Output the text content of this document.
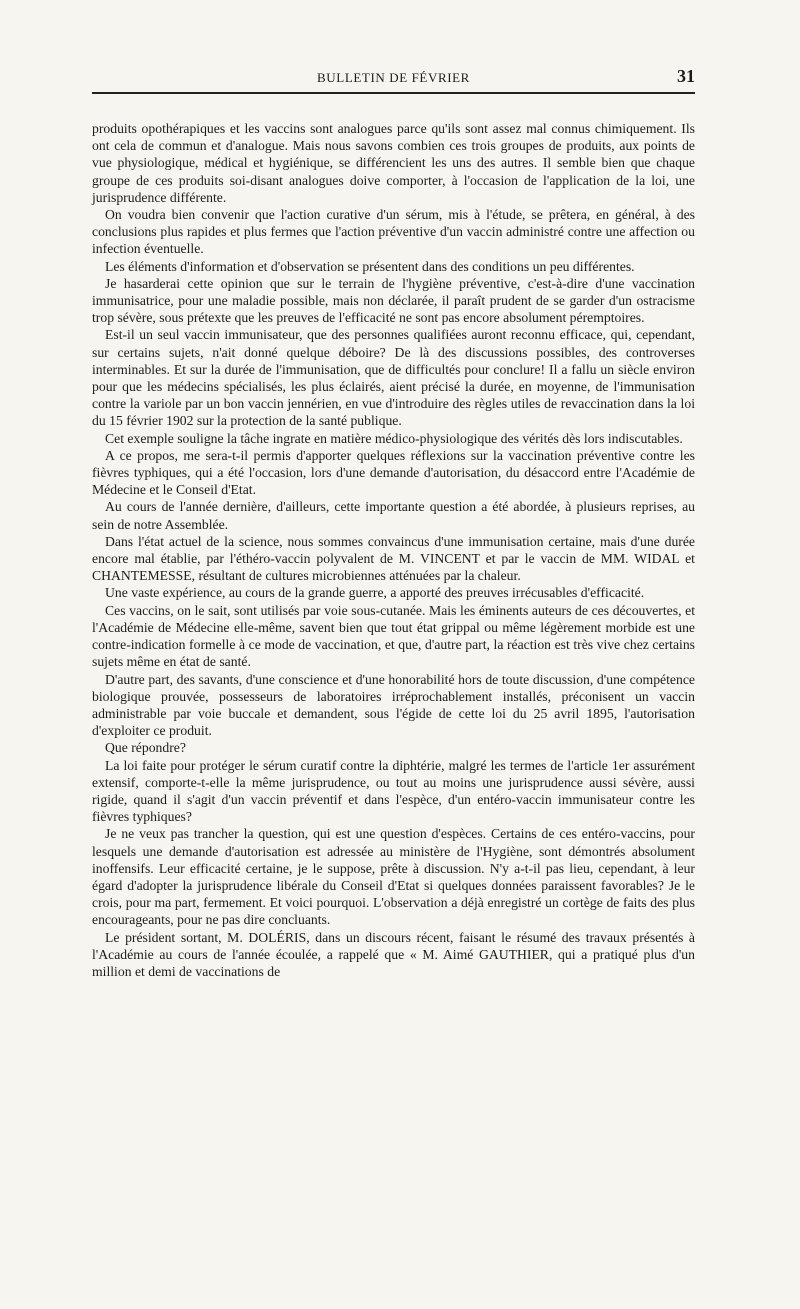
BULLETIN DE FÉVRIER	31

produits opothérapiques et les vaccins sont analogues parce qu'ils sont assez mal connus chimiquement. Ils ont cela de commun et d'analogue. Mais nous savons combien ces trois groupes de produits, aux points de vue physiologique, médical et hygiénique, se différencient les uns des autres. Il semble bien que chaque groupe de ces produits soi-disant analogues doive comporter, à l'occasion de l'application de la loi, une jurisprudence différente.

On voudra bien convenir que l'action curative d'un sérum, mis à l'étude, se prêtera, en général, à des conclusions plus rapides et plus fermes que l'action préventive d'un vaccin administré contre une affection ou infection éventuelle.

Les éléments d'information et d'observation se présentent dans des conditions un peu différentes.

Je hasarderai cette opinion que sur le terrain de l'hygiène préventive, c'est-à-dire d'une vaccination immunisatrice, pour une maladie possible, mais non déclarée, il paraît prudent de se garder d'un ostracisme trop sévère, sous prétexte que les preuves de l'efficacité ne sont pas encore absolument péremptoires.

Est-il un seul vaccin immunisateur, que des personnes qualifiées auront reconnu efficace, qui, cependant, sur certains sujets, n'ait donné quelque déboire? De là des discussions possibles, des controverses interminables. Et sur la durée de l'immunisation, que de difficultés pour conclure! Il a fallu un siècle environ pour que les médecins spécialisés, les plus éclairés, aient précisé la durée, en moyenne, de l'immunisation contre la variole par un bon vaccin jennérien, en vue d'introduire des règles utiles de revaccination dans la loi du 15 février 1902 sur la protection de la santé publique.

Cet exemple souligne la tâche ingrate en matière médico-physiologique des vérités dès lors indiscutables.

A ce propos, me sera-t-il permis d'apporter quelques réflexions sur la vaccination préventive contre les fièvres typhiques, qui a été l'occasion, lors d'une demande d'autorisation, du désaccord entre l'Académie de Médecine et le Conseil d'Etat.

Au cours de l'année dernière, d'ailleurs, cette importante question a été abordée, à plusieurs reprises, au sein de notre Assemblée.

Dans l'état actuel de la science, nous sommes convaincus d'une immunisation certaine, mais d'une durée encore mal établie, par l'éthéro-vaccin polyvalent de M. VINCENT et par le vaccin de MM. WIDAL et CHANTEMESSE, résultant de cultures microbiennes atténuées par la chaleur.

Une vaste expérience, au cours de la grande guerre, a apporté des preuves irrécusables d'efficacité.

Ces vaccins, on le sait, sont utilisés par voie sous-cutanée. Mais les éminents auteurs de ces découvertes, et l'Académie de Médecine elle-même, savent bien que tout état grippal ou même légèrement morbide est une contre-indication formelle à ce mode de vaccination, et que, d'autre part, la réaction est très vive chez certains sujets même en état de santé.

D'autre part, des savants, d'une conscience et d'une honorabilité hors de toute discussion, d'une compétence biologique prouvée, possesseurs de laboratoires irréprochablement installés, préconisent un vaccin administrable par voie buccale et demandent, sous l'égide de cette loi du 25 avril 1895, l'autorisation d'exploiter ce produit.

Que répondre?

La loi faite pour protéger le sérum curatif contre la diphtérie, malgré les termes de l'article 1er assurément extensif, comporte-t-elle la même jurisprudence, ou tout au moins une jurisprudence aussi sévère, aussi rigide, quand il s'agit d'un vaccin préventif et dans l'espèce, d'un entéro-vaccin immunisateur contre les fièvres typhiques?

Je ne veux pas trancher la question, qui est une question d'espèces. Certains de ces entéro-vaccins, pour lesquels une demande d'autorisation est adressée au ministère de l'Hygiène, sont démontrés absolument inoffensifs. Leur efficacité certaine, je le suppose, prête à discussion. N'y a-t-il pas lieu, cependant, à leur égard d'adopter la jurisprudence libérale du Conseil d'Etat si quelques données paraissent favorables? Je le crois, pour ma part, fermement. Et voici pourquoi. L'observation a déjà enregistré un cortège de faits des plus encourageants, pour ne pas dire concluants.

Le président sortant, M. DOLÉRIS, dans un discours récent, faisant le résumé des travaux présentés à l'Académie au cours de l'année écoulée, a rappelé que « M. Aimé GAUTHIER, qui a pratiqué plus d'un million et demi de vaccinations de
